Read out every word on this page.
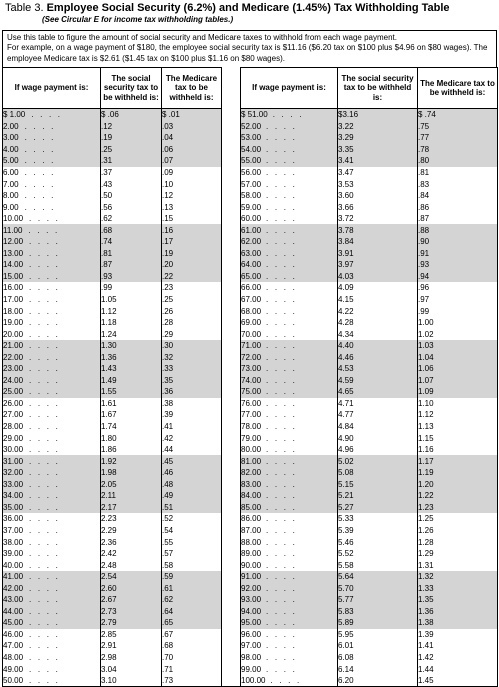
Table 3. Employee Social Security (6.2%) and Medicare (1.45%) Tax Withholding Table
(See Circular E for income tax withholding tables.)

Use this table to figure the amount of social security and Medicare taxes to withhold from each wage payment.

For example, on a wage payment of $180, the employee social security tax is $11.16 ($6.20 tax on $100 plus $4.96 on $80 wages). The employee Medicare tax is $2.61 ($1.45 tax on $100 plus $1.16 on $80 wages).

If wage payment is:	The social security tax to be withheld is:	The Medicare tax to be withheld is:		If wage payment is:	The social security tax to be withheld is:	The Medicare tax to be withheld is:
$ 1.00 . . . .	$ .06	$ .01		$ 51.00 . . . .	$3.16	$ .74
2.00 . . . .	.12	.03		52.00 . . . .	3.22	.75
3.00 . . . .	.19	.04		53.00 . . . .	3.29	.77
4.00 . . . .	.25	.06		54.00 . . . .	3.35	.78
5.00 . . . .	.31	.07		55.00 . . . .	3.41	.80
6.00 . . . .	.37	.09		56.00 . . . .	3.47	.81
7.00 . . . .	.43	.10		57.00 . . . .	3.53	.83
8.00 . . . .	.50	.12		58.00 . . . .	3.60	.84
9.00 . . . .	.56	.13		59.00 . . . .	3.66	.86
10.00 . . . .	.62	.15		60.00 . . . .	3.72	.87
11.00 . . . .	.68	.16		61.00 . . . .	3.78	.88
12.00 . . . .	.74	.17		62.00 . . . .	3.84	.90
13.00 . . . .	.81	.19		63.00 . . . .	3.91	.91
14.00 . . . .	.87	.20		64.00 . . . .	3.97	.93
15.00 . . . .	.93	.22		65.00 . . . .	4.03	.94
16.00 . . . .	.99	.23		66.00 . . . .	4.09	.96
17.00 . . . .	1.05	.25		67.00 . . . .	4.15	.97
18.00 . . . .	1.12	.26		68.00 . . . .	4.22	.99
19.00 . . . .	1.18	.28		69.00 . . . .	4.28	1.00
20.00 . . . .	1.24	.29		70.00 . . . .	4.34	1.02
21.00 . . . .	1.30	.30		71.00 . . . .	4.40	1.03
22.00 . . . .	1.36	.32		72.00 . . . .	4.46	1.04
23.00 . . . .	1.43	.33		73.00 . . . .	4.53	1.06
24.00 . . . .	1.49	.35		74.00 . . . .	4.59	1.07
25.00 . . . .	1.55	.36		75.00 . . . .	4.65	1.09
26.00 . . . .	1.61	.38		76.00 . . . .	4.71	1.10
27.00 . . . .	1.67	.39		77.00 . . . .	4.77	1.12
28.00 . . . .	1.74	.41		78.00 . . . .	4.84	1.13
29.00 . . . .	1.80	.42		79.00 . . . .	4.90	1.15
30.00 . . . .	1.86	.44		80.00 . . . .	4.96	1.16
31.00 . . . .	1.92	.45		81.00 . . . .	5.02	1.17
32.00 . . . .	1.98	.46		82.00 . . . .	5.08	1.19
33.00 . . . .	2.05	.48		83.00 . . . .	5.15	1.20
34.00 . . . .	2.11	.49		84.00 . . . .	5.21	1.22
35.00 . . . .	2.17	.51		85.00 . . . .	5.27	1.23
36.00 . . . .	2.23	.52		86.00 . . . .	5.33	1.25
37.00 . . . .	2.29	.54		87.00 . . . .	5.39	1.26
38.00 . . . .	2.36	.55		88.00 . . . .	5.46	1.28
39.00 . . . .	2.42	.57		89.00 . . . .	5.52	1.29
40.00 . . . .	2.48	.58		90.00 . . . .	5.58	1.31
41.00 . . . .	2.54	.59		91.00 . . . .	5.64	1.32
42.00 . . . .	2.60	.61		92.00 . . . .	5.70	1.33
43.00 . . . .	2.67	.62		93.00 . . . .	5.77	1.35
44.00 . . . .	2.73	.64		94.00 . . . .	5.83	1.36
45.00 . . . .	2.79	.65		95.00 . . . .	5.89	1.38
46.00 . . . .	2.85	.67		96.00 . . . .	5.95	1.39
47.00 . . . .	2.91	.68		97.00 . . . .	6.01	1.41
48.00 . . . .	2.98	.70		98.00 . . . .	6.08	1.42
49.00 . . . .	3.04	.71		99.00 . . . .	6.14	1.44
50.00 . . . .	3.10	.73		100.00 . . . .	6.20	1.45
